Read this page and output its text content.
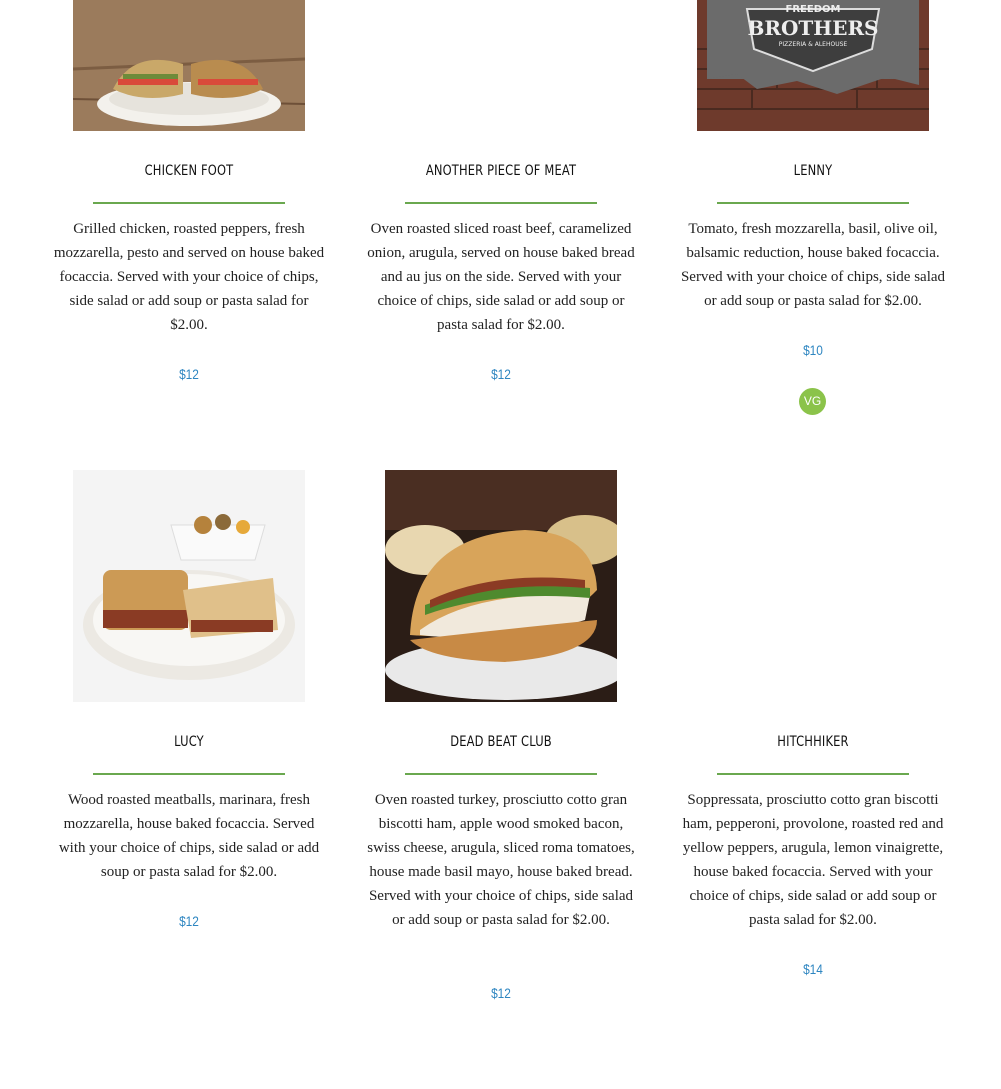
CHICKEN FOOT
Grilled chicken, roasted peppers, fresh mozzarella, pesto and served on house baked focaccia. Served with your choice of chips, side salad or add soup or pasta salad for $2.00.
$12
ANOTHER PIECE OF MEAT
Oven roasted sliced roast beef, caramelized onion, arugula, served on house baked bread and au jus on the side. Served with your choice of chips, side salad or add soup or pasta salad for $2.00.
$12
FREEDOM
BROTHERS
PIZZERIA & ALEHOUSE
LENNY
Tomato, fresh mozzarella, basil, olive oil, balsamic reduction, house baked focaccia. Served with your choice of chips, side salad or add soup or pasta salad for $2.00.
$10
VG
LUCY
Wood roasted meatballs, marinara, fresh mozzarella, house baked focaccia. Served with your choice of chips, side salad or add soup or pasta salad for $2.00.
$12
DEAD BEAT CLUB
Oven roasted turkey, prosciutto cotto gran biscotti ham, apple wood smoked bacon, swiss cheese, arugula, sliced roma tomatoes, house made basil mayo, house baked bread. Served with your choice of chips, side salad or add soup or pasta salad for $2.00.
$12
HITCHHIKER
Soppressata, prosciutto cotto gran biscotti ham, pepperoni, provolone, roasted red and yellow peppers, arugula, lemon vinaigrette, house baked focaccia. Served with your choice of chips, side salad or add soup or pasta salad for $2.00.
$14
